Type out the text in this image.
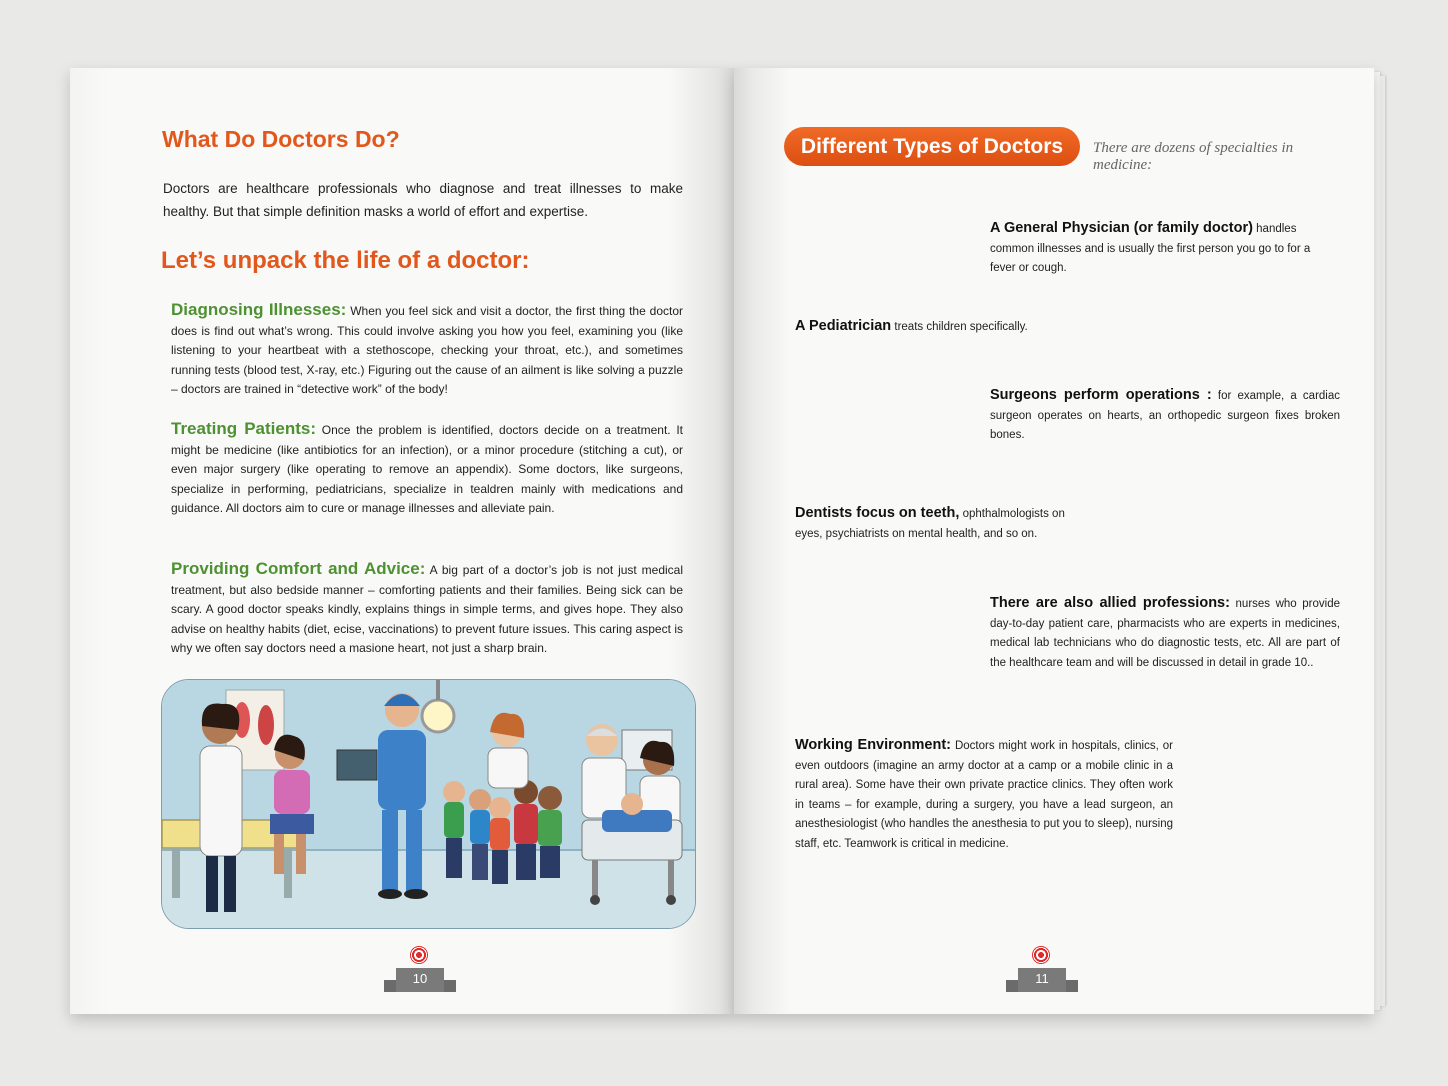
What Do Doctors Do?
Doctors are healthcare professionals who diagnose and treat illnesses to make healthy. But that simple definition masks a world of effort and expertise.
Let’s unpack the life of a doctor:
Diagnosing Illnesses: When you feel sick and visit a doctor, the first thing the doctor does is find out what’s wrong. This could involve asking you how you feel, examining you (like listening to your heartbeat with a stethoscope, checking your throat, etc.), and sometimes running tests (blood test, X-ray, etc.) Figuring out the cause of an ailment is like solving a puzzle – doctors are trained in “detective work” of the body!
Treating Patients: Once the problem is identified, doctors decide on a treatment. It might be medicine (like antibiotics for an infection), or a minor procedure (stitching a cut), or even major surgery (like operating to remove an appendix). Some doctors, like surgeons, specialize in performing, pediatricians, specialize in tealdren mainly with medications and guidance. All doctors aim to cure or manage illnesses and alleviate pain.
Providing Comfort and Advice: A big part of a doctor’s job is not just medical treatment, but also bedside manner – comforting patients and their families. Being sick can be scary. A good doctor speaks kindly, explains things in simple terms, and gives hope. They also advise on healthy habits (diet, ecise, vaccinations) to prevent future issues. This caring aspect is why we often say doctors need a masione heart, not just a sharp brain.
10
Different Types of Doctors	There are dozens of specialties in medicine:
A General Physician (or family doctor) handles common illnesses and is usually the first person you go to for a fever or cough.
A Pediatrician treats children specifically.
Surgeons perform operations : for example, a cardiac surgeon operates on hearts, an orthopedic surgeon fixes broken bones.
Dentists focus on teeth, ophthalmologists on eyes, psychiatrists on mental health, and so on.
There are also allied professions: nurses who provide day-to-day patient care, pharmacists who are experts in medicines, medical lab technicians who do diagnostic tests, etc. All are part of the healthcare team and will be discussed in detail in grade 10..
Working Environment: Doctors might work in hospitals, clinics, or even outdoors (imagine an army doctor at a camp or a mobile clinic in a rural area). Some have their own private practice clinics. They often work in teams – for example, during a surgery, you have a lead surgeon, an anesthesiologist (who handles the anesthesia to put you to sleep), nursing staff, etc. Teamwork is critical in medicine.
11
